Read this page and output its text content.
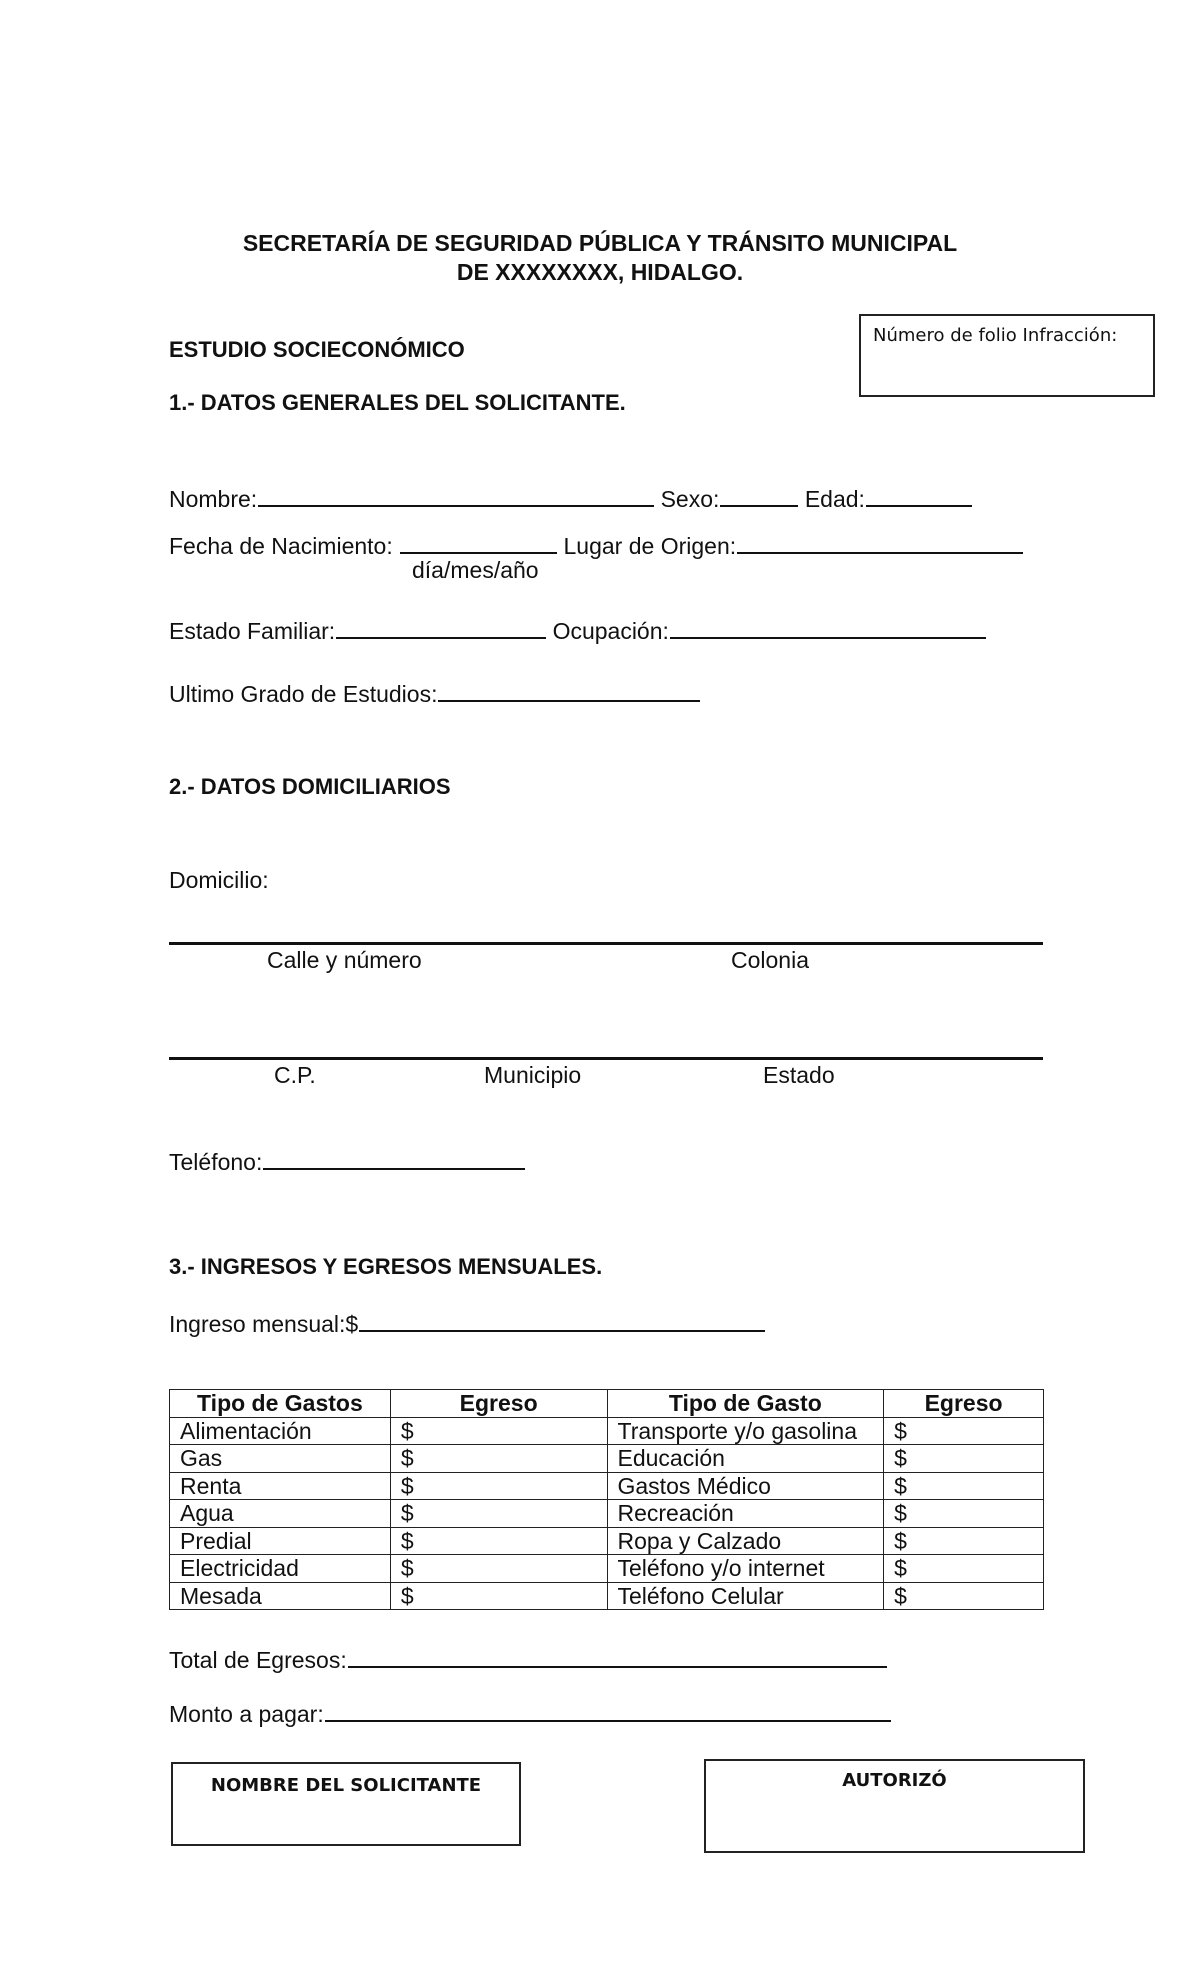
SECRETARÍA DE SEGURIDAD PÚBLICA Y TRÁNSITO MUNICIPAL
DE XXXXXXXX, HIDALGO.
Número de folio Infracción:
ESTUDIO SOCIECONÓMICO
1.- DATOS GENERALES DEL SOLICITANTE.
Nombre:	Sexo:	Edad:
Fecha de Nacimiento:	Lugar de Origen:
día/mes/año
Estado Familiar:	Ocupación:
Ultimo Grado de Estudios:
2.- DATOS DOMICILIARIOS
Domicilio:
Calle y número	Colonia
C.P.	Municipio	Estado
Teléfono:
3.- INGRESOS Y EGRESOS MENSUALES.
Ingreso mensual:$
Tipo de Gastos	Egreso	Tipo de Gasto	Egreso
Alimentación	$	Transporte y/o gasolina	$
Gas	$	Educación	$
Renta	$	Gastos Médico	$
Agua	$	Recreación	$
Predial	$	Ropa y Calzado	$
Electricidad	$	Teléfono y/o internet	$
Mesada	$	Teléfono Celular	$
Total de Egresos:
Monto a pagar:
NOMBRE DEL SOLICITANTE	AUTORIZÓ
